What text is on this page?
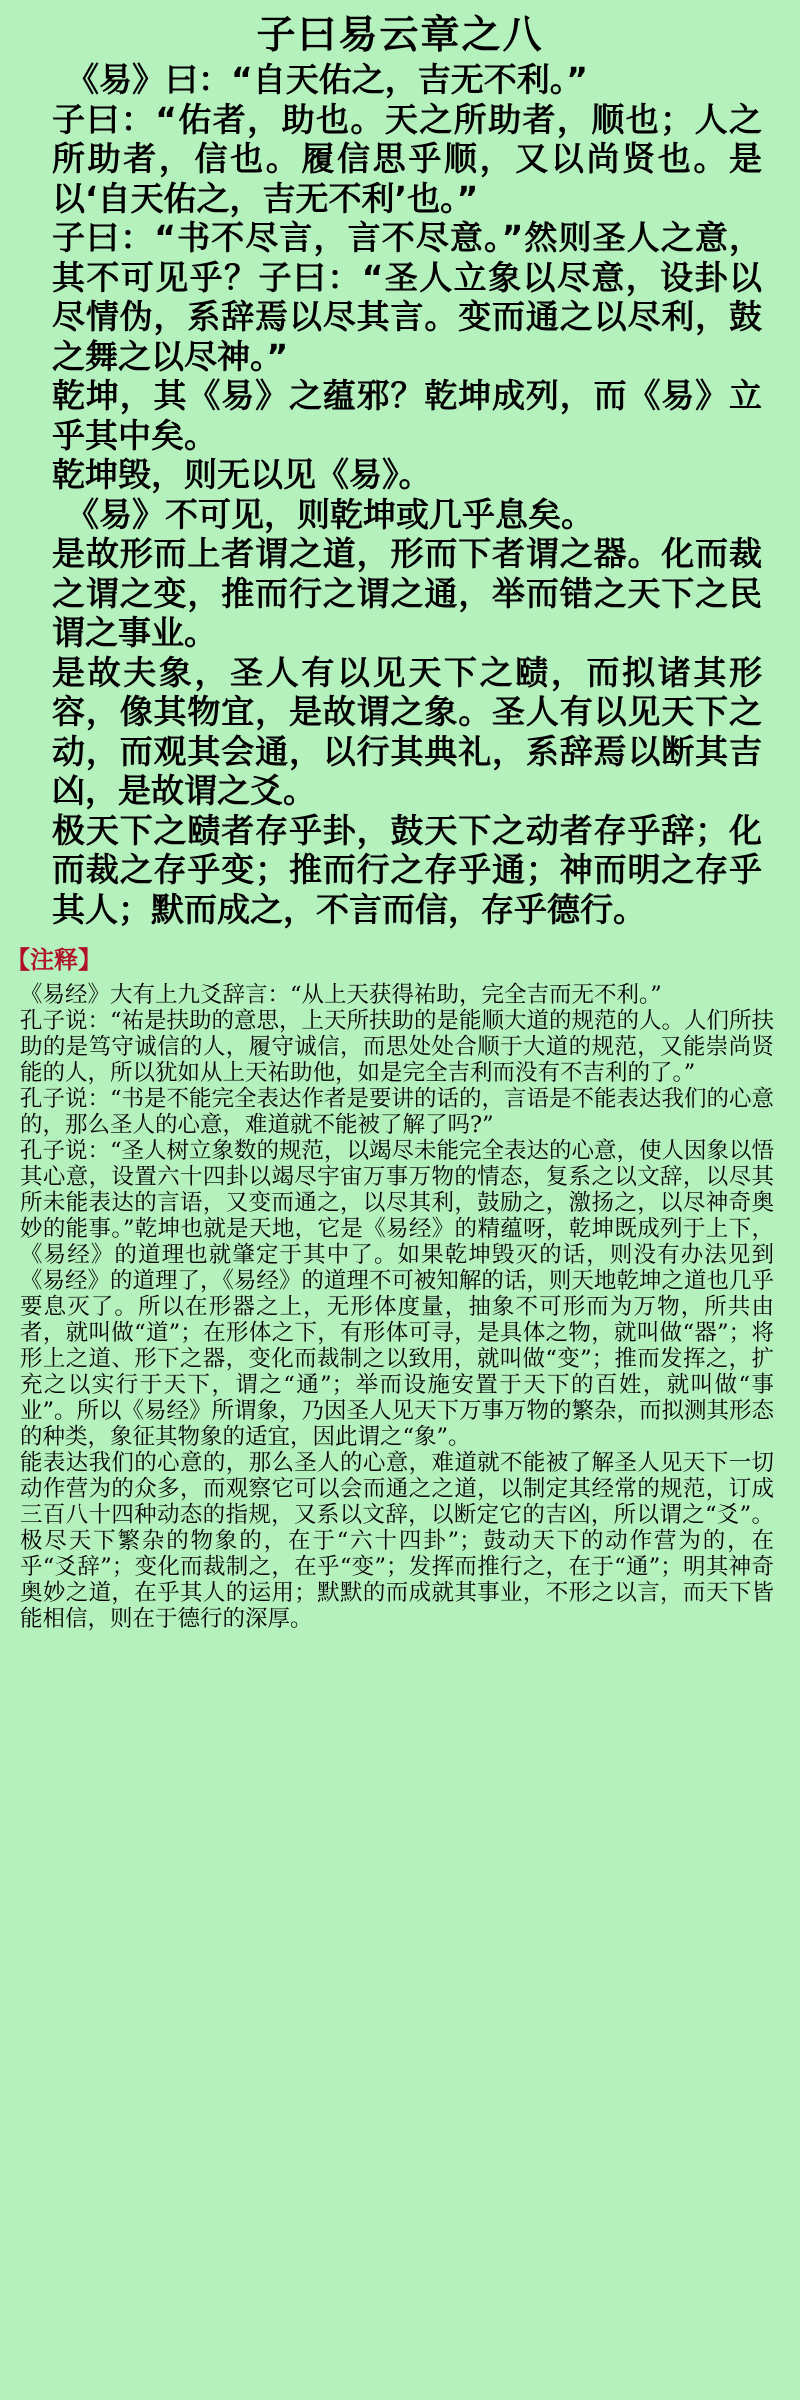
子曰易云章之八

《易》曰：“自天佑之，吉无不利。”

子曰：“佑者，助也。天之所助者，顺也；人之所助者，信也。履信思乎顺，又以尚贤也。是以‘自天佑之，吉无不利’也。”

子曰：“书不尽言，言不尽意。”然则圣人之意，其不可见乎？子曰：“圣人立象以尽意，设卦以尽情伪，系辞焉以尽其言。变而通之以尽利，鼓之舞之以尽神。”

乾坤，其《易》之蕴邪？乾坤成列，而《易》立乎其中矣。

乾坤毁，则无以见《易》。

《易》不可见，则乾坤或几乎息矣。

是故形而上者谓之道，形而下者谓之器。化而裁之谓之变，推而行之谓之通，举而错之天下之民谓之事业。

是故夫象，圣人有以见天下之赜，而拟诸其形容，像其物宜，是故谓之象。圣人有以见天下之动，而观其会通，以行其典礼，系辞焉以断其吉凶，是故谓之爻。

极天下之赜者存乎卦，鼓天下之动者存乎辞；化而裁之存乎变；推而行之存乎通；神而明之存乎其人；默而成之，不言而信，存乎德行。

【注释】

《易经》大有上九爻辞言：“从上天获得祐助，完全吉而无不利。”

孔子说：“祐是扶助的意思，上天所扶助的是能顺大道的规范的人。人们所扶助的是笃守诚信的人，履守诚信，而思处处合顺于大道的规范，又能崇尚贤能的人，所以犹如从上天祐助他，如是完全吉利而没有不吉利的了。”

孔子说：“书是不能完全表达作者是要讲的话的，言语是不能表达我们的心意的，那么圣人的心意，难道就不能被了解了吗?”

孔子说：“圣人树立象数的规范，以竭尽未能完全表达的心意，使人因象以悟其心意，设置六十四卦以竭尽宇宙万事万物的情态，复系之以文辞，以尽其所未能表达的言语，又变而通之，以尽其利，鼓励之，激扬之，以尽神奇奥妙的能事。”乾坤也就是天地，它是《易经》的精蕴呀，乾坤既成列于上下，《易经》的道理也就肇定于其中了。如果乾坤毁灭的话，则没有办法见到《易经》的道理了，《易经》的道理不可被知解的话，则天地乾坤之道也几乎要息灭了。所以在形器之上，无形体度量，抽象不可形而为万物，所共由者，就叫做“道”；在形体之下，有形体可寻，是具体之物，就叫做“器”；将形上之道、形下之器，变化而裁制之以致用，就叫做“变”；推而发挥之，扩充之以实行于天下，谓之“通”；举而设施安置于天下的百姓，就叫做“事业”。所以《易经》所谓象，乃因圣人见天下万事万物的繁杂，而拟测其形态的种类，象征其物象的适宜，因此谓之“象”。

能表达我们的心意的，那么圣人的心意，难道就不能被了解圣人见天下一切动作营为的众多，而观察它可以会而通之之道，以制定其经常的规范，订成三百八十四种动态的指规，又系以文辞，以断定它的吉凶，所以谓之“爻”。极尽天下繁杂的物象的，在于“六十四卦”；鼓动天下的动作营为的，在乎“爻辞”；变化而裁制之，在乎“变”；发挥而推行之，在于“通”；明其神奇奥妙之道，在乎其人的运用；默默的而成就其事业，不形之以言，而天下皆能相信，则在于德行的深厚。
